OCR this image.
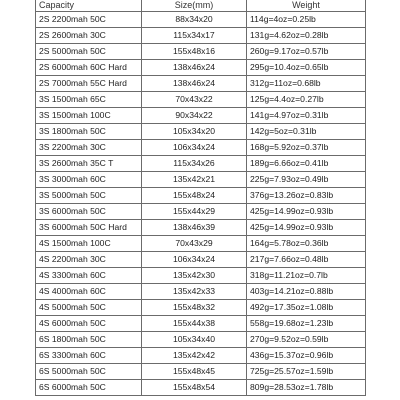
Capacity	Size(mm)	Weight
2S 2200mah 50C	88x34x20	114g=4oz=0.25lb
2S 2600mah 30C	115x34x17	131g=4.62oz=0.28lb
2S 5000mah 50C	155x48x16	260g=9.17oz=0.57lb
2S 6000mah 60C Hard	138x46x24	295g=10.4oz=0.65lb
2S 7000mah 55C Hard	138x46x24	312g=11oz=0.68lb
3S 1500mah 65C	70x43x22	125g=4.4oz=0.27lb
3S 1500mah 100C	90x34x22	141g=4.97oz=0.31lb
3S 1800mah 50C	105x34x20	142g=5oz=0.31lb
3S 2200mah 30C	106x34x24	168g=5.92oz=0.37lb
3S 2600mah 35C T	115x34x26	189g=6.66oz=0.41lb
3S 3000mah 60C	135x42x21	225g=7.93oz=0.49lb
3S 5000mah 50C	155x48x24	376g=13.26oz=0.83lb
3S 6000mah 50C	155x44x29	425g=14.99oz=0.93lb
3S 6000mah 50C Hard	138x46x39	425g=14.99oz=0.93lb
4S 1500mah 100C	70x43x29	164g=5.78oz=0.36lb
4S 2200mah 30C	106x34x24	217g=7.66oz=0.48lb
4S 3300mah 60C	135x42x30	318g=11.21oz=0.7lb
4S 4000mah 60C	135x42x33	403g=14.21oz=0.88lb
4S 5000mah 50C	155x48x32	492g=17.35oz=1.08lb
4S 6000mah 50C	155x44x38	558g=19.68oz=1.23lb
6S 1800mah 50C	105x34x40	270g=9.52oz=0.59lb
6S 3300mah 60C	135x42x42	436g=15.37oz=0.96lb
6S 5000mah 50C	155x48x45	725g=25.57oz=1.59lb
6S 6000mah 50C	155x48x54	809g=28.53oz=1.78lb
